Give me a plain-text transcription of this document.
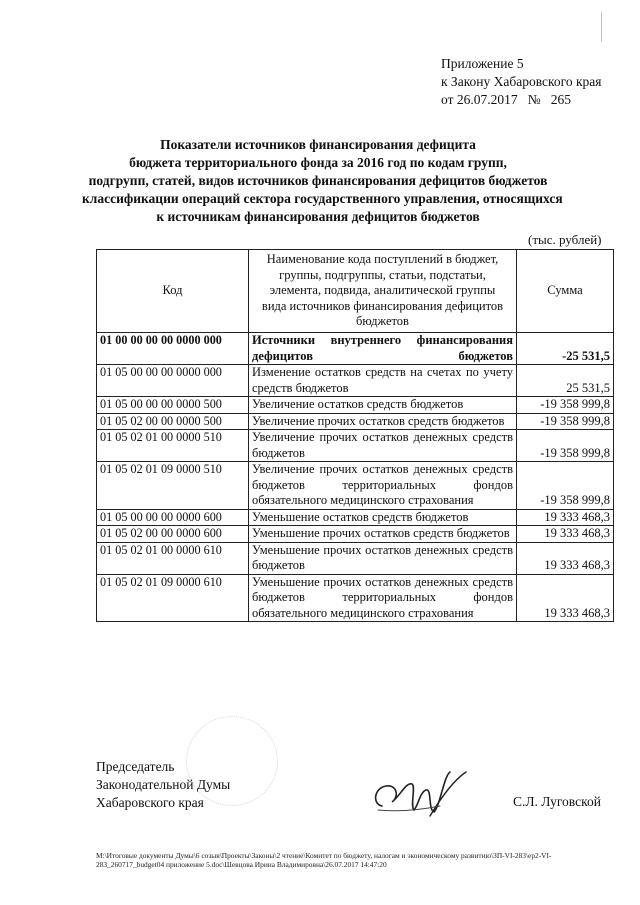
Приложение 5
к Закону Хабаровского края
от 26.07.2017   №   265
Показатели источников финансирования дефицита
бюджета территориального фонда за 2016 год по кодам групп,
подгрупп, статей, видов источников финансирования дефицитов бюджетов
классификации операций сектора государственного управления, относящихся
к источникам финансирования дефицитов бюджетов
(тыс. рублей)
Код	Наименование кода поступлений в бюджет, группы, подгруппы, статьи, подстатьи, элемента, подвида, аналитической группы вида источников финансирования дефицитов бюджетов	Сумма
01 00 00 00 00 0000 000	Источники внутреннего финансирования дефицитов бюджетов	-25 531,5
01 05 00 00 00 0000 000	Изменение остатков средств на счетах по учету средств бюджетов	25 531,5
01 05 00 00 00 0000 500	Увеличение остатков средств бюджетов	-19 358 999,8
01 05 02 00 00 0000 500	Увеличение прочих остатков средств бюджетов	-19 358 999,8
01 05 02 01 00 0000 510	Увеличение прочих остатков денежных средств бюджетов	-19 358 999,8
01 05 02 01 09 0000 510	Увеличение прочих остатков денежных средств бюджетов территориальных фондов обязательного медицинского страхования	-19 358 999,8
01 05 00 00 00 0000 600	Уменьшение остатков средств бюджетов	19 333 468,3
01 05 02 00 00 0000 600	Уменьшение прочих остатков средств бюджетов	19 333 468,3
01 05 02 01 00 0000 610	Уменьшение прочих остатков денежных средств бюджетов	19 333 468,3
01 05 02 01 09 0000 610	Уменьшение прочих остатков денежных средств бюджетов территориальных фондов обязательного медицинского страхования	19 333 468,3
Председатель
Законодательной Думы
Хабаровского края	С.Л. Луговской
M:\Итоговые документы Думы\6 созыв\Проекты\Законы\2 чтение\Комитет по бюджету, налогам и экономическому развитию\ЗП-VI-283\ep2-VI-283_260717_budget04 приложение 5.doc\Шевцова Ирина Владимировна\26.07.2017 14:47:20
